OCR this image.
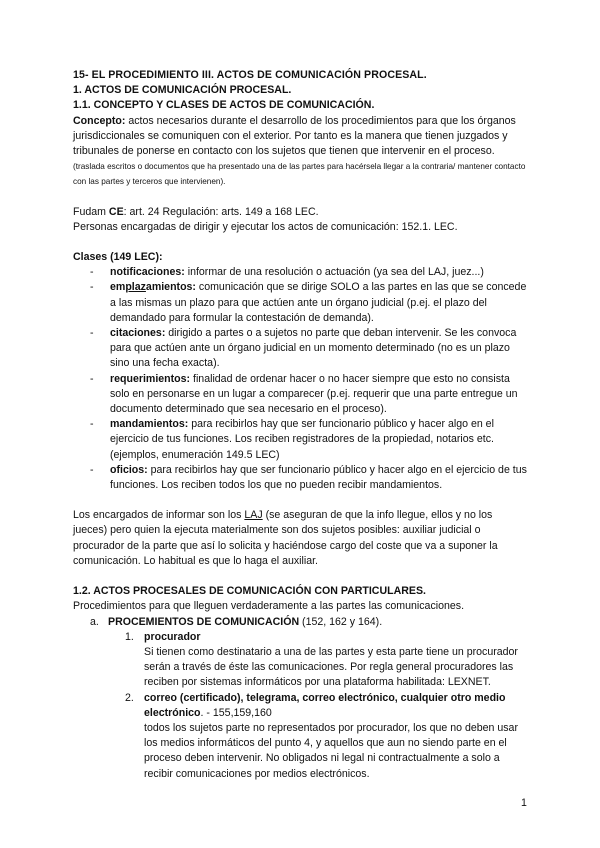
15- EL PROCEDIMIENTO III. ACTOS DE COMUNICACIÓN PROCESAL.
1. ACTOS DE COMUNICACIÓN PROCESAL.
1.1. CONCEPTO Y CLASES DE ACTOS DE COMUNICACIÓN.
Concepto: actos necesarios durante el desarrollo de los procedimientos para que los órganos jurisdiccionales se comuniquen con el exterior. Por tanto es la manera que tienen juzgados y tribunales de ponerse en contacto con los sujetos que tienen que intervenir en el proceso. (traslada escritos o documentos que ha presentado una de las partes para hacérsela llegar a la contraria/ mantener contacto con las partes y terceros que intervienen).
Fudam CE: art. 24 Regulación: arts. 149 a 168 LEC.
Personas encargadas de dirigir y ejecutar los actos de comunicación: 152.1. LEC.
Clases (149 LEC):
- notificaciones: informar de una resolución o actuación (ya sea del LAJ, juez...)
- emplazamientos: comunicación que se dirige SOLO a las partes en las que se concede a las mismas un plazo para que actúen ante un órgano judicial (p.ej. el plazo del demandado para formular la contestación de demanda).
- citaciones: dirigido a partes o a sujetos no parte que deban intervenir. Se les convoca para que actúen ante un órgano judicial en un momento determinado (no es un plazo sino una fecha exacta).
- requerimientos: finalidad de ordenar hacer o no hacer siempre que esto no consista solo en personarse en un lugar a comparecer (p.ej. requerir que una parte entregue un documento determinado que sea necesario en el proceso).
- mandamientos: para recibirlos hay que ser funcionario público y hacer algo en el ejercicio de tus funciones. Los reciben registradores de la propiedad, notarios etc. (ejemplos, enumeración 149.5 LEC)
- oficios: para recibirlos hay que ser funcionario público y hacer algo en el ejercicio de tus funciones. Los reciben todos los que no pueden recibir mandamientos.
Los encargados de informar son los LAJ (se aseguran de que la info llegue, ellos y no los jueces) pero quien la ejecuta materialmente son dos sujetos posibles: auxiliar judicial o procurador de la parte que así lo solicita y haciéndose cargo del coste que va a suponer la comunicación. Lo habitual es que lo haga el auxiliar.
1.2. ACTOS PROCESALES DE COMUNICACIÓN CON PARTICULARES.
Procedimientos para que lleguen verdaderamente a las partes las comunicaciones.
a. PROCEMIENTOS DE COMUNICACIÓN (152, 162 y 164).
1. procurador
Si tienen como destinatario a una de las partes y esta parte tiene un procurador serán a través de éste las comunicaciones. Por regla general procuradores las reciben por sistemas informáticos por una plataforma habilitada: LEXNET.
2. correo (certificado), telegrama, correo electrónico, cualquier otro medio electrónico. - 155,159,160
todos los sujetos parte no representados por procurador, los que no deben usar los medios informáticos del punto 4, y aquellos que aun no siendo parte en el proceso deben intervenir. No obligados ni legal ni contractualmente a solo a recibir comunicaciones por medios electrónicos.
1
